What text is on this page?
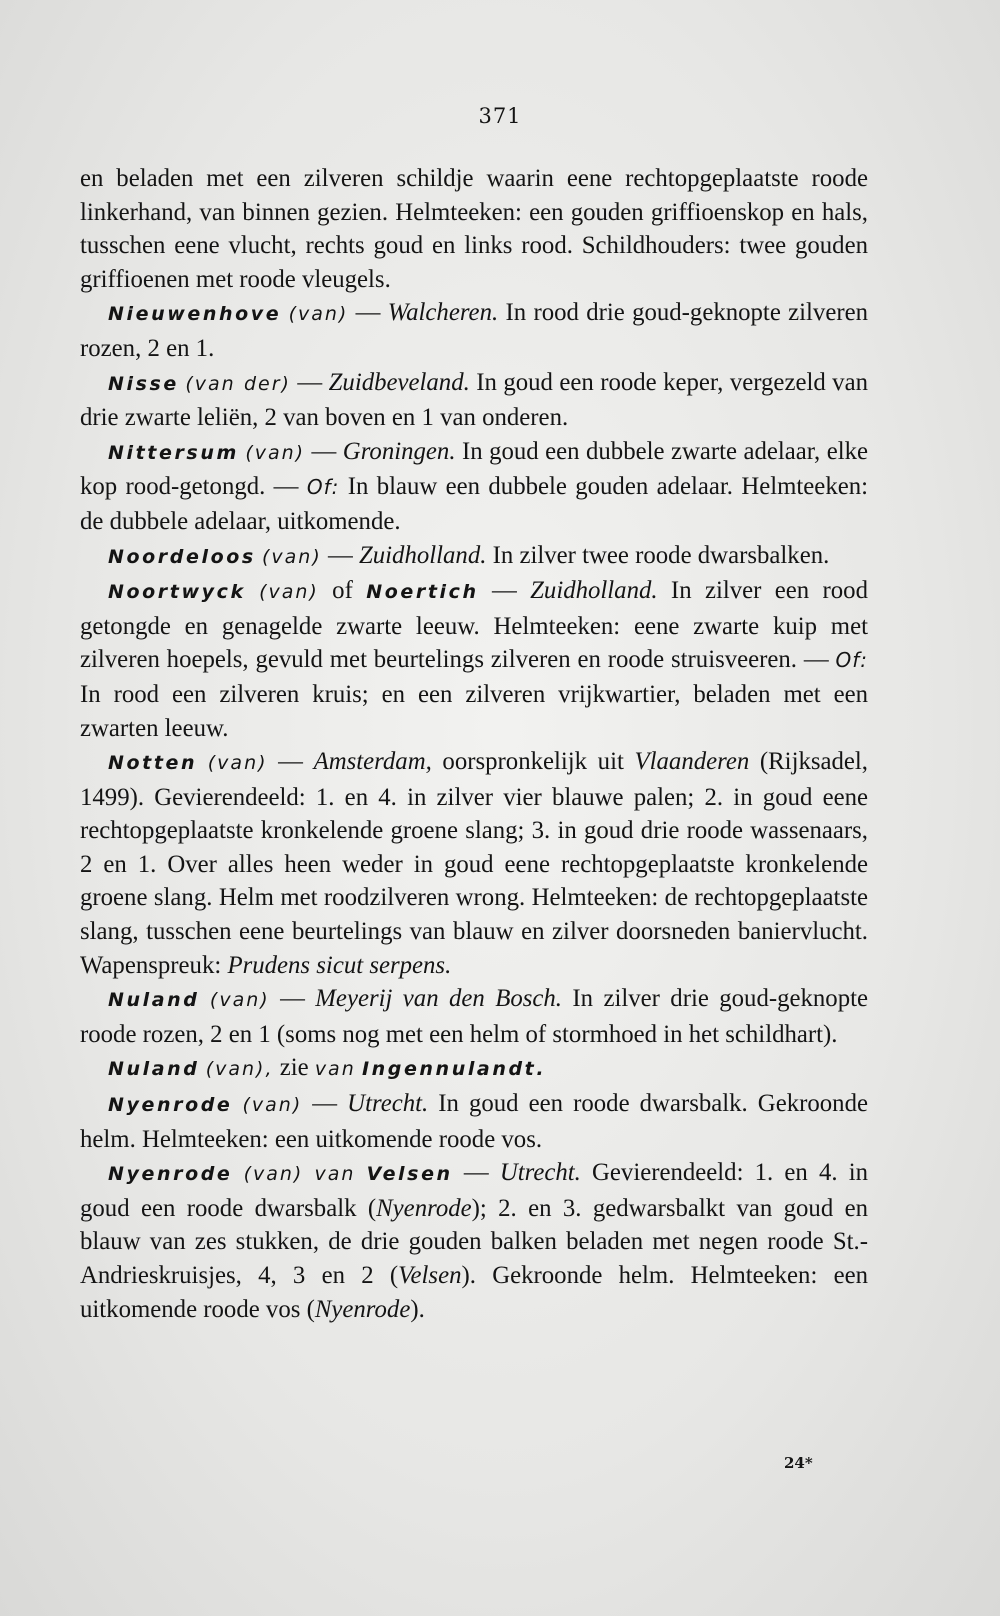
371

en beladen met een zilveren schildje waarin eene rechtopgeplaatste roode linkerhand, van binnen gezien. Helmteeken: een gouden griffioenskop en hals, tusschen eene vlucht, rechts goud en links rood. Schildhouders: twee gouden griffioenen met roode vleugels.

Nieuwenhove (van) — Walcheren. In rood drie goud-geknopte zilveren rozen, 2 en 1.

Nisse (van der) — Zuidbeveland. In goud een roode keper, vergezeld van drie zwarte leliën, 2 van boven en 1 van onderen.

Nittersum (van) — Groningen. In goud een dubbele zwarte adelaar, elke kop rood-getongd. — Of: In blauw een dubbele gouden adelaar. Helmteeken: de dubbele adelaar, uitkomende.

Noordeloos (van) — Zuidholland. In zilver twee roode dwarsbalken.

Noortwyck (van) of Noertich — Zuidholland. In zilver een rood getongde en genagelde zwarte leeuw. Helmteeken: eene zwarte kuip met zilveren hoepels, gevuld met beurtelings zilveren en roode struisveeren. — Of: In rood een zilveren kruis; en een zilveren vrijkwartier, beladen met een zwarten leeuw.

Notten (van) — Amsterdam, oorspronkelijk uit Vlaanderen (Rijksadel, 1499). Gevierendeeld: 1. en 4. in zilver vier blauwe palen; 2. in goud eene rechtopgeplaatste kronkelende groene slang; 3. in goud drie roode wassenaars, 2 en 1. Over alles heen weder in goud eene rechtopgeplaatste kronkelende groene slang. Helm met roodzilveren wrong. Helmteeken: de rechtopgeplaatste slang, tusschen eene beurtelings van blauw en zilver doorsneden baniervlucht. Wapenspreuk: Prudens sicut serpens.

Nuland (van) — Meyerij van den Bosch. In zilver drie goud-geknopte roode rozen, 2 en 1 (soms nog met een helm of stormhoed in het schildhart).

Nuland (van), zie van Ingennulandt.

Nyenrode (van) — Utrecht. In goud een roode dwarsbalk. Gekroonde helm. Helmteeken: een uitkomende roode vos.

Nyenrode (van) van Velsen — Utrecht. Gevierendeeld: 1. en 4. in goud een roode dwarsbalk (Nyenrode); 2. en 3. gedwarsbalkt van goud en blauw van zes stukken, de drie gouden balken beladen met negen roode St.-Andrieskruisjes, 4, 3 en 2 (Velsen). Gekroonde helm. Helmteeken: een uitkomende roode vos (Nyenrode).

24*
